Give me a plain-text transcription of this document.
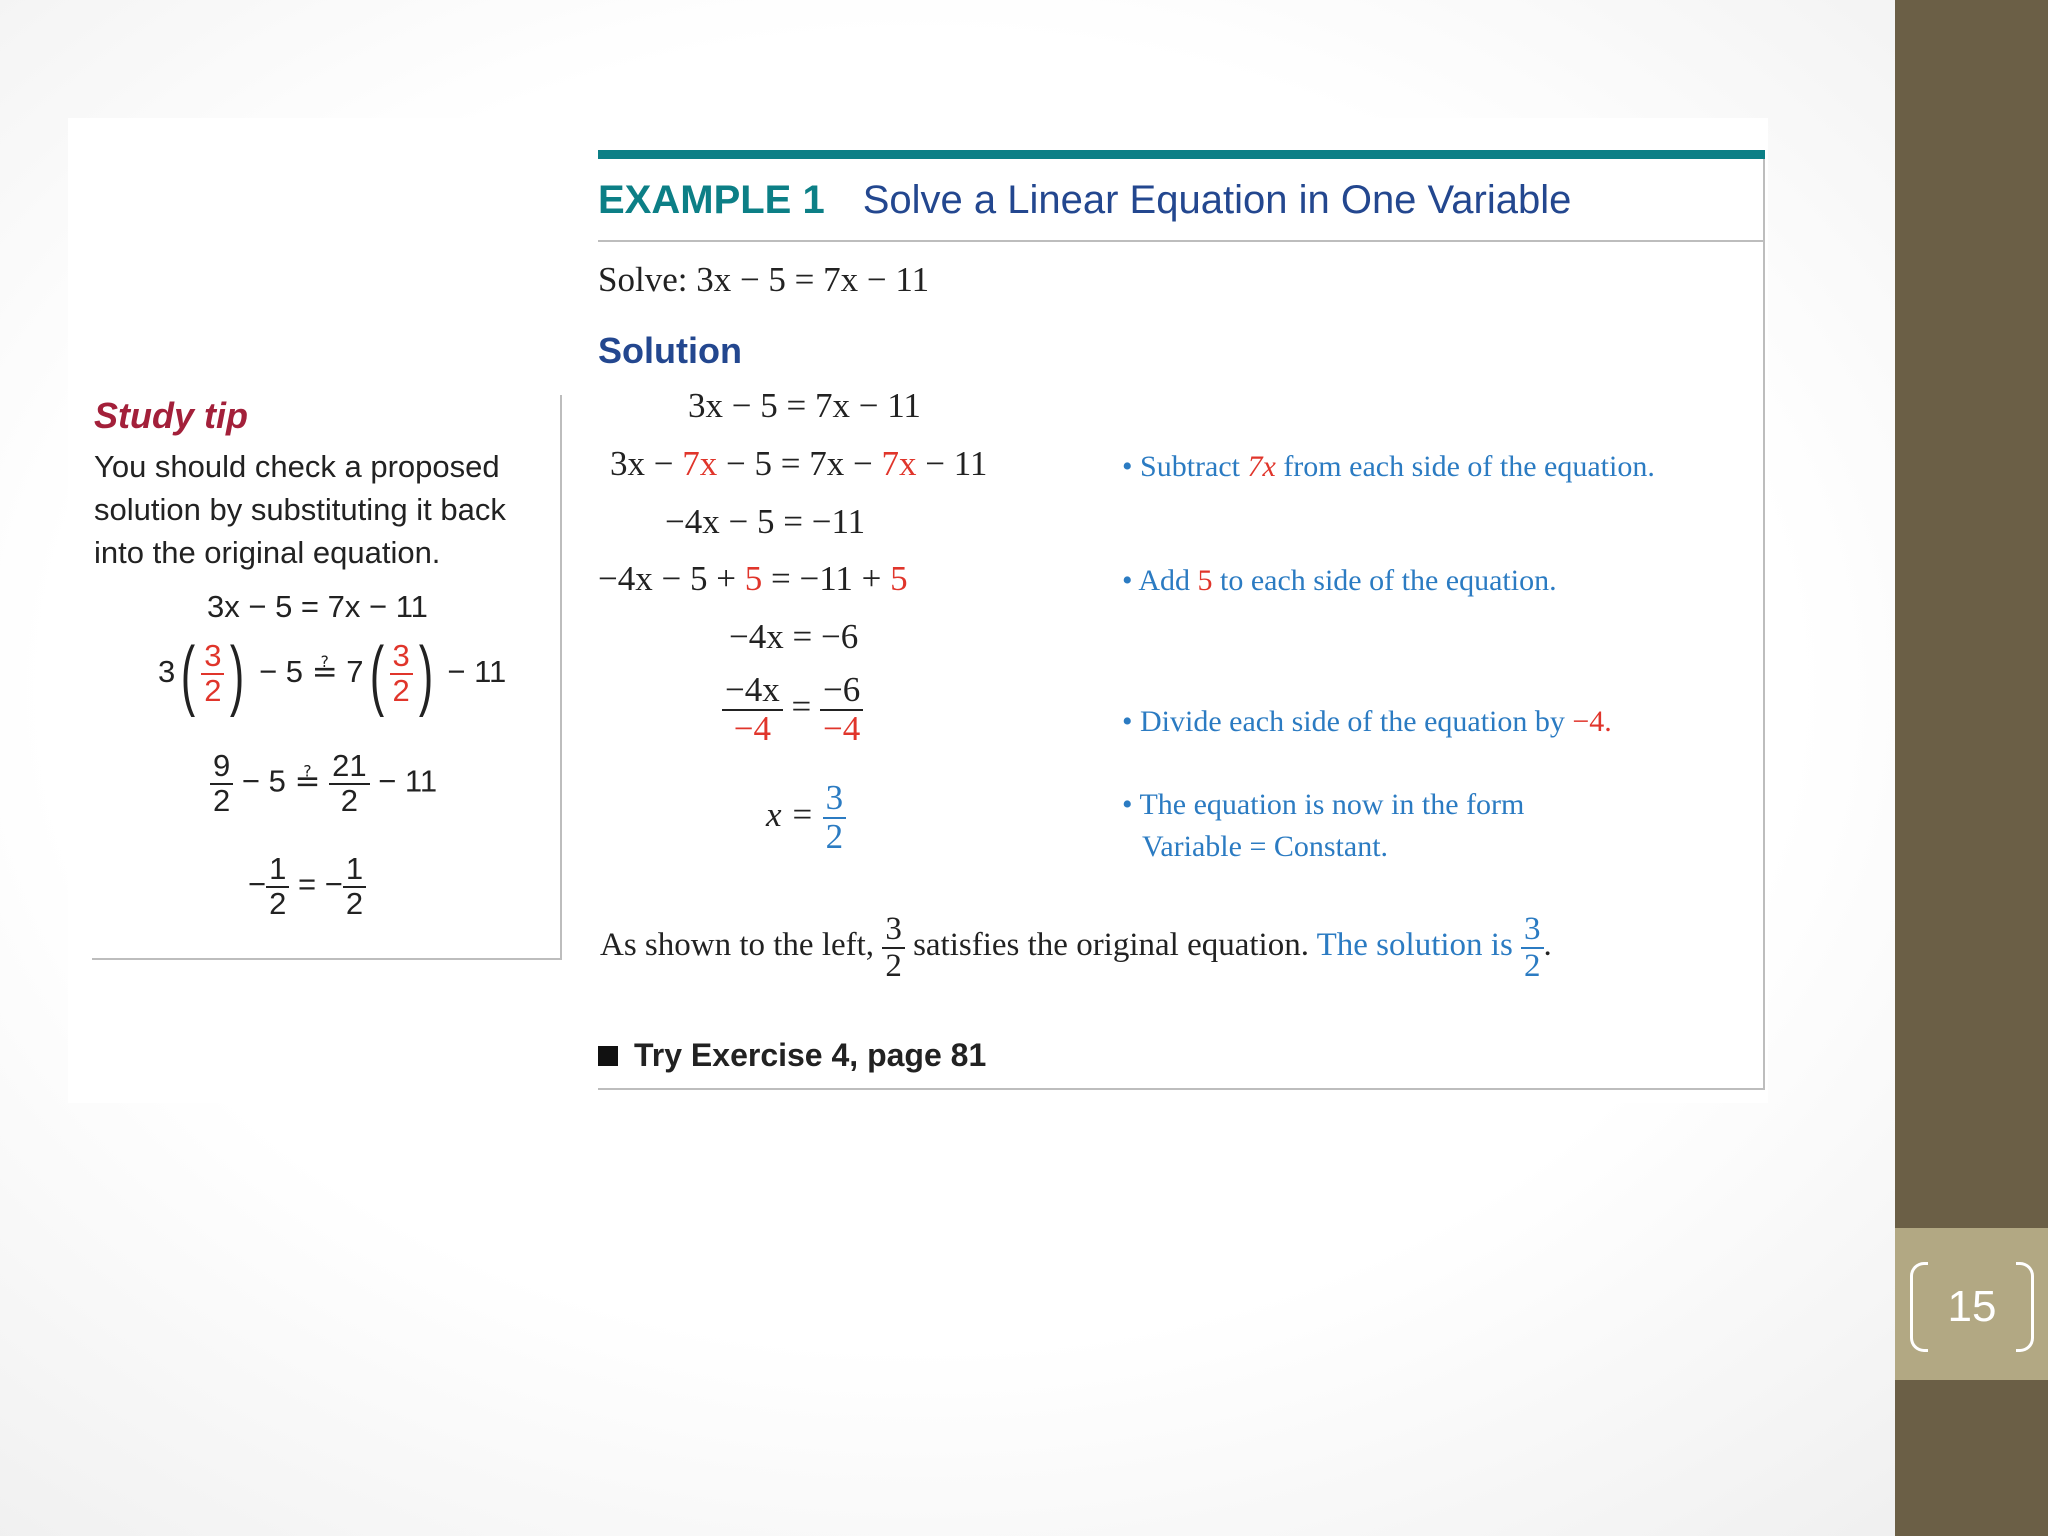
15
Study tip
You should check a proposed solution by substituting it back into the original equation.
3x − 5 = 7x − 11
$3( \frac{3}{2}$ ) − 5 ≟ $7( \frac{3}{2}$ ) − 11
$\frac{9}{2} - 5$ ≟ $\frac{21}{2} - 11$
− $\frac{1}{2}$ = − $\frac{1}{2}$
EXAMPLE 1 Solve a Linear Equation in One Variable
Solve: 3x − 5 = 7x − 11
Solution
3x − 5 = 7x − 11
3x − 7x − 5 = 7x − 7x − 11
−4x − 5 = −11
−4x − 5 + 5 = −11 + 5
−4x = −6
$\frac{-4x}{-4} = \frac{-6}{-4}$
$x = \frac{3}{2}$
• Subtract 7x from each side of the equation.
• Add 5 to each side of the equation.
• Divide each side of the equation by −4.
• The equation is now in the form
Variable = Constant.
As shown to the left, $\frac{3}{2}$ satisfies the original equation. The solution is $\frac{3}{2}$ .
Try Exercise 4, page 81
